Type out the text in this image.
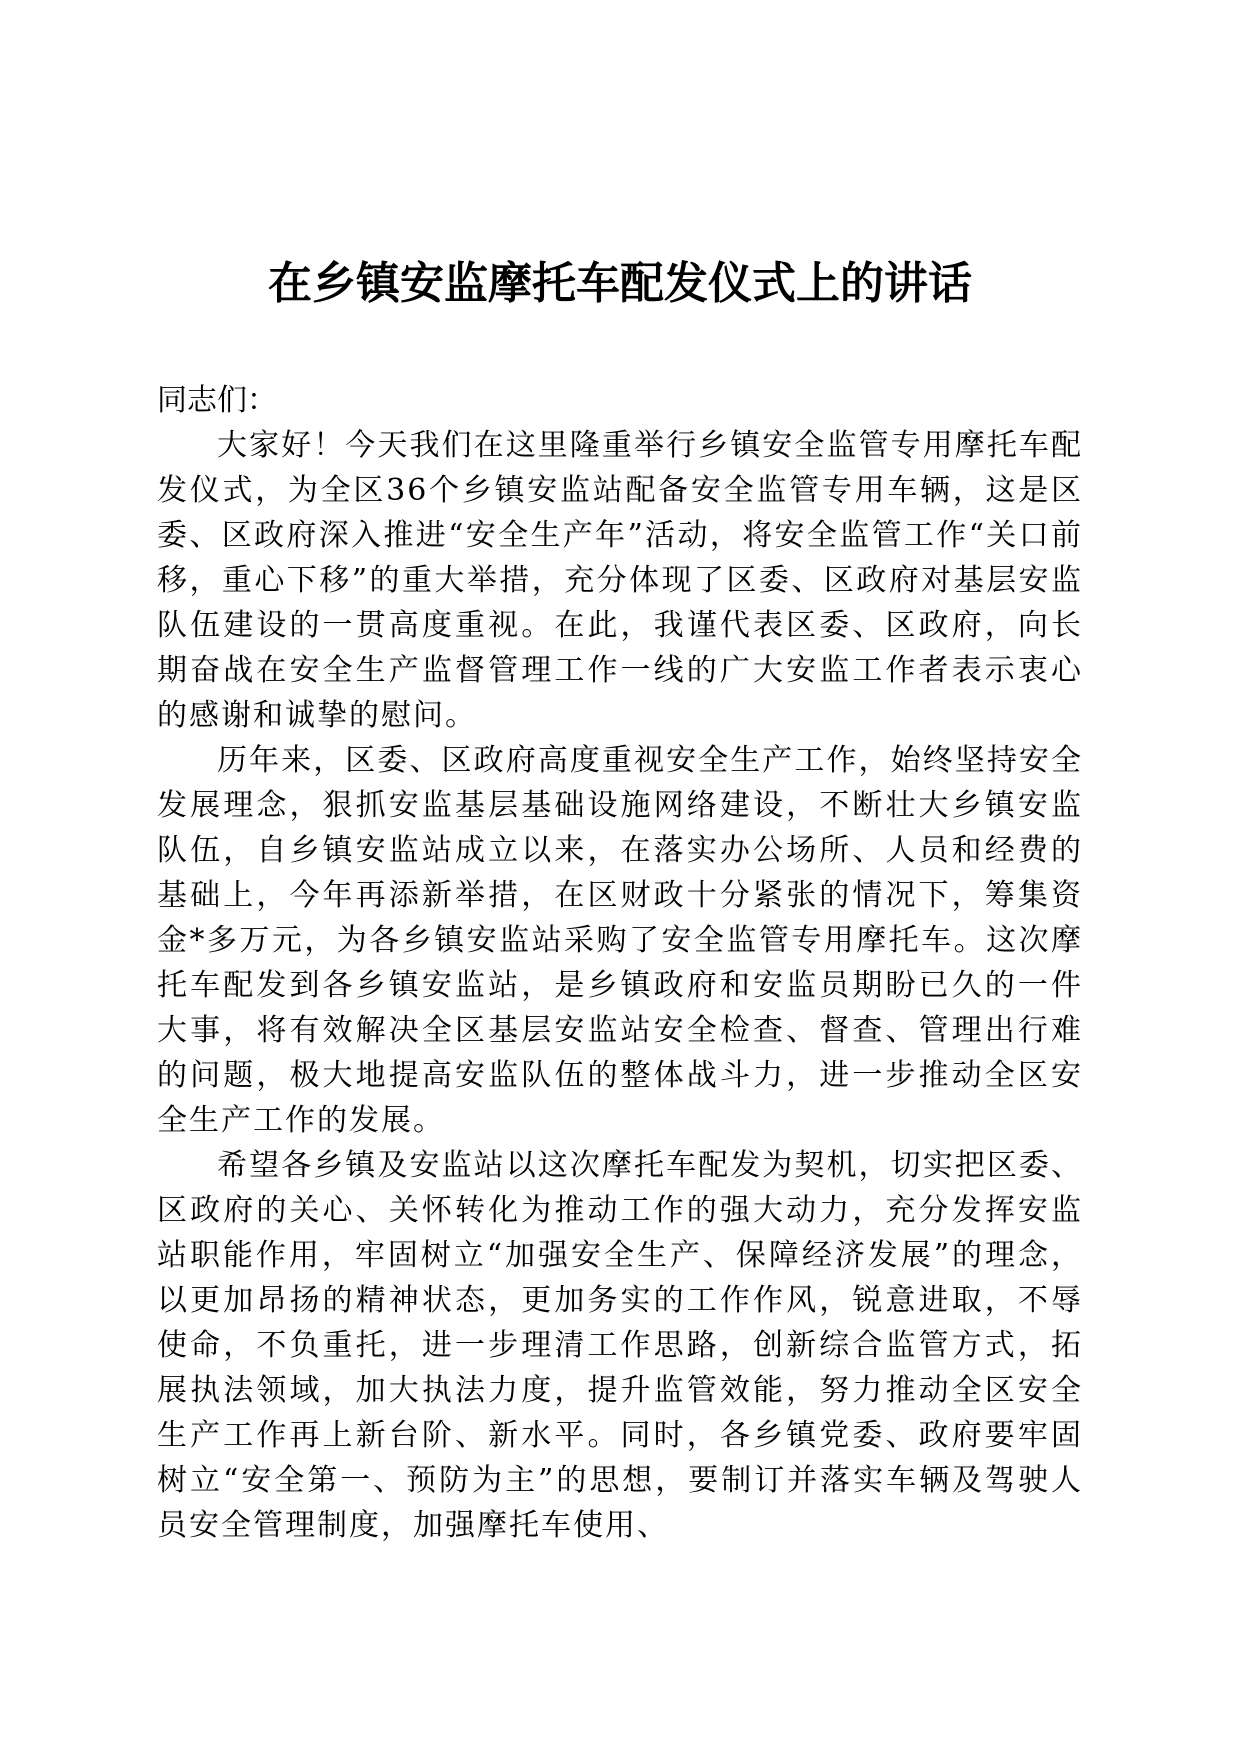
在乡镇安监摩托车配发仪式上的讲话

同志们：

大家好！今天我们在这里隆重举行乡镇安全监管专用摩托车配发仪式，为全区36个乡镇安监站配备安全监管专用车辆，这是区委、区政府深入推进“安全生产年”活动，将安全监管工作“关口前移，重心下移”的重大举措，充分体现了区委、区政府对基层安监队伍建设的一贯高度重视。在此，我谨代表区委、区政府，向长期奋战在安全生产监督管理工作一线的广大安监工作者表示衷心的感谢和诚挚的慰问。

历年来，区委、区政府高度重视安全生产工作，始终坚持安全发展理念，狠抓安监基层基础设施网络建设，不断壮大乡镇安监队伍，自乡镇安监站成立以来，在落实办公场所、人员和经费的基础上，今年再添新举措，在区财政十分紧张的情况下，筹集资金*多万元，为各乡镇安监站采购了安全监管专用摩托车。这次摩托车配发到各乡镇安监站，是乡镇政府和安监员期盼已久的一件大事，将有效解决全区基层安监站安全检查、督查、管理出行难的问题，极大地提高安监队伍的整体战斗力，进一步推动全区安全生产工作的发展。

希望各乡镇及安监站以这次摩托车配发为契机，切实把区委、区政府的关心、关怀转化为推动工作的强大动力，充分发挥安监站职能作用，牢固树立“加强安全生产、保障经济发展”的理念，以更加昂扬的精神状态，更加务实的工作作风，锐意进取，不辱使命，不负重托，进一步理清工作思路，创新综合监管方式，拓展执法领域，加大执法力度，提升监管效能，努力推动全区安全生产工作再上新台阶、新水平。同时，各乡镇党委、政府要牢固树立“安全第一、预防为主”的思想，要制订并落实车辆及驾驶人员安全管理制度，加强摩托车使用、
